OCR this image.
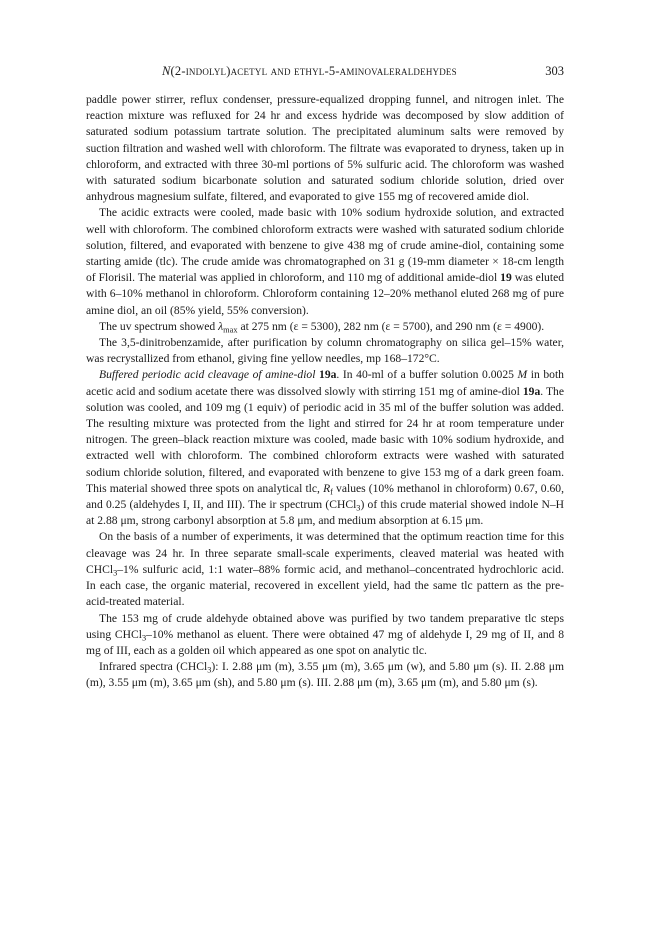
N(2-indolyl)acetyl and ethyl-5-aminovaleraldehydes	303

paddle power stirrer, reflux condenser, pressure-equalized dropping funnel, and nitrogen inlet. The reaction mixture was refluxed for 24 hr and excess hydride was decomposed by slow addition of saturated sodium potassium tartrate solution. The precipitated aluminum salts were removed by suction filtration and washed well with chloroform. The filtrate was evaporated to dryness, taken up in chloroform, and extracted with three 30-ml portions of 5% sulfuric acid. The chloroform was washed with saturated sodium bicarbonate solution and saturated sodium chloride solution, dried over anhydrous magnesium sulfate, filtered, and evaporated to give 155 mg of recovered amide diol.

The acidic extracts were cooled, made basic with 10% sodium hydroxide solution, and extracted well with chloroform. The combined chloroform extracts were washed with saturated sodium chloride solution, filtered, and evaporated with benzene to give 438 mg of crude amine-diol, containing some starting amide (tlc). The crude amide was chromatographed on 31 g (19-mm diameter × 18-cm length of Florisil. The material was applied in chloroform, and 110 mg of additional amide-diol 19 was eluted with 6–10% methanol in chloroform. Chloroform containing 12–20% methanol eluted 268 mg of pure amine diol, an oil (85% yield, 55% conversion).

The uv spectrum showed $\lambda_{max}$ at 275 nm (ε = 5300), 282 nm (ε = 5700), and 290 nm (ε = 4900).

The 3,5-dinitrobenzamide, after purification by column chromatography on silica gel–15% water, was recrystallized from ethanol, giving fine yellow needles, mp 168–172°C.

Buffered periodic acid cleavage of amine-diol 19a. In 40-ml of a buffer solution 0.0025 M in both acetic acid and sodium acetate there was dissolved slowly with stirring 151 mg of amine-diol 19a. The solution was cooled, and 109 mg (1 equiv) of periodic acid in 35 ml of the buffer solution was added. The resulting mixture was protected from the light and stirred for 24 hr at room temperature under nitrogen. The green–black reaction mixture was cooled, made basic with 10% sodium hydroxide, and extracted well with chloroform. The combined chloroform extracts were washed with saturated sodium chloride solution, filtered, and evaporated with benzene to give 153 mg of a dark green foam. This material showed three spots on analytical tlc, $R_f$ values (10% methanol in chloroform) 0.67, 0.60, and 0.25 (aldehydes I, II, and III). The ir spectrum (CHCl$_3$) of this crude material showed indole N–H at 2.88 μm, strong carbonyl absorption at 5.8 μm, and medium absorption at 6.15 μm.

On the basis of a number of experiments, it was determined that the optimum reaction time for this cleavage was 24 hr. In three separate small-scale experiments, cleaved material was heated with CHCl$_3$–1% sulfuric acid, 1:1 water–88% formic acid, and methanol–concentrated hydrochloric acid. In each case, the organic material, recovered in excellent yield, had the same tlc pattern as the pre-acid-treated material.

The 153 mg of crude aldehyde obtained above was purified by two tandem preparative tlc steps using CHCl$_3$–10% methanol as eluent. There were obtained 47 mg of aldehyde I, 29 mg of II, and 8 mg of III, each as a golden oil which appeared as one spot on analytic tlc.

Infrared spectra (CHCl$_3$): I. 2.88 μm (m), 3.55 μm (m), 3.65 μm (w), and 5.80 μm (s). II. 2.88 μm (m), 3.55 μm (m), 3.65 μm (sh), and 5.80 μm (s). III. 2.88 μm (m), 3.65 μm (m), and 5.80 μm (s).
